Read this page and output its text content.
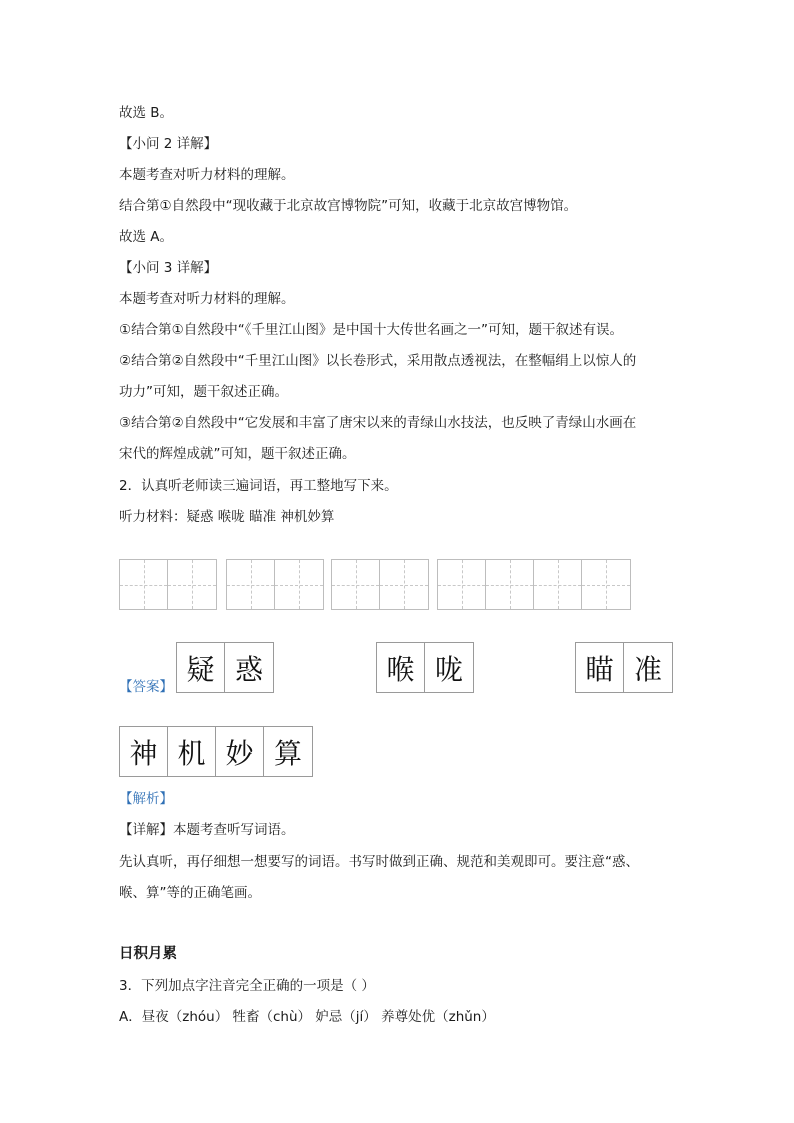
故选 B。
【小问 2 详解】
本题考查对听力材料的理解。
结合第①自然段中“现收藏于北京故宫博物院”可知，收藏于北京故宫博物馆。
故选 A。
【小问 3 详解】
本题考查对听力材料的理解。
①结合第①自然段中“《千里江山图》是中国十大传世名画之一”可知，题干叙述有误。
②结合第②自然段中“千里江山图》以长卷形式，采用散点透视法，在整幅绢上以惊人的
功力”可知，题干叙述正确。
③结合第②自然段中“它发展和丰富了唐宋以来的青绿山水技法，也反映了青绿山水画在
宋代的辉煌成就”可知，题干叙述正确。
2．认真听老师读三遍词语，再工整地写下来。
听力材料：疑惑 喉咙 瞄准 神机妙算
【答案】
疑 惑	喉 咙	瞄 准
神 机 妙 算
【解析】
【详解】本题考查听写词语。
先认真听，再仔细想一想要写的词语。书写时做到正确、规范和美观即可。要注意“惑、
喉、算”等的正确笔画。
日积月累
3．下列加点字注音完全正确的一项是（ ）
A．昼夜（zhóu） 牲畜（chù） 妒忌（jí） 养尊处优（zhǔn）
